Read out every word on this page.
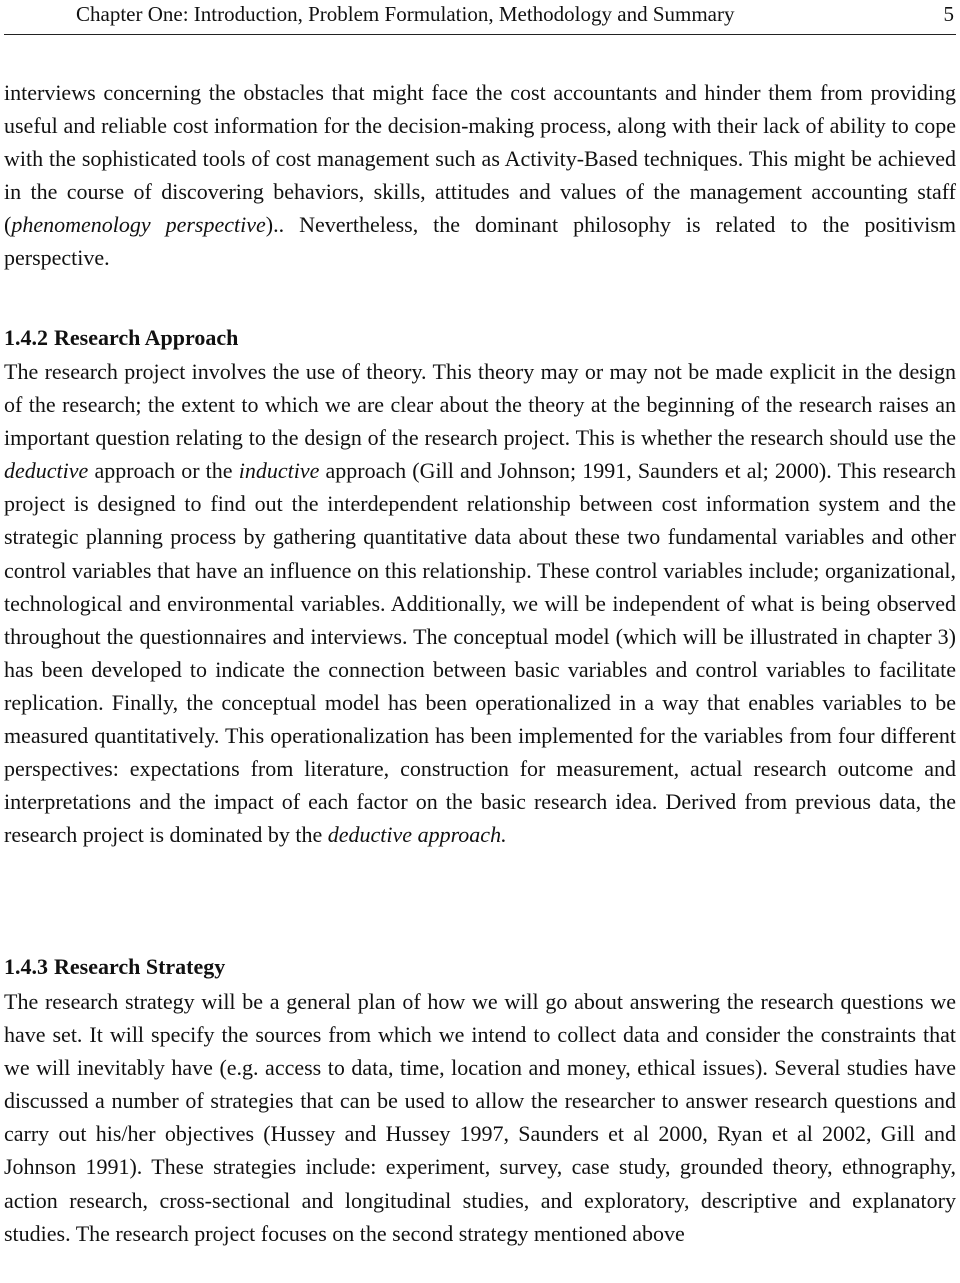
Chapter One: Introduction, Problem Formulation, Methodology and Summary	5

interviews concerning the obstacles that might face the cost accountants and hinder them from providing useful and reliable cost information for the decision-making process, along with their lack of ability to cope with the sophisticated tools of cost management such as Activity-Based techniques. This might be achieved in the course of discovering behaviors, skills, attitudes and values of the management accounting staff (phenomenology perspective).. Nevertheless, the dominant philosophy is related to the positivism perspective.

1.4.2 Research Approach

The research project involves the use of theory. This theory may or may not be made explicit in the design of the research; the extent to which we are clear about the theory at the beginning of the research raises an important question relating to the design of the research project. This is whether the research should use the deductive approach or the inductive approach (Gill and Johnson; 1991, Saunders et al; 2000). This research project is designed to find out the interdependent relationship between cost information system and the strategic planning process by gathering quantitative data about these two fundamental variables and other control variables that have an influence on this relationship. These control variables include; organizational, technological and environmental variables. Additionally, we will be independent of what is being observed throughout the questionnaires and interviews. The conceptual model (which will be illustrated in chapter 3) has been developed to indicate the connection between basic variables and control variables to facilitate replication. Finally, the conceptual model has been operationalized in a way that enables variables to be measured quantitatively. This operationalization has been implemented for the variables from four different perspectives: expectations from literature, construction for measurement, actual research outcome and interpretations and the impact of each factor on the basic research idea. Derived from previous data, the research project is dominated by the deductive approach.

1.4.3 Research Strategy

The research strategy will be a general plan of how we will go about answering the research questions we have set. It will specify the sources from which we intend to collect data and consider the constraints that we will inevitably have (e.g. access to data, time, location and money, ethical issues). Several studies have discussed a number of strategies that can be used to allow the researcher to answer research questions and carry out his/her objectives (Hussey and Hussey 1997, Saunders et al 2000, Ryan et al 2002, Gill and Johnson 1991). These strategies include: experiment, survey, case study, grounded theory, ethnography, action research, cross-sectional and longitudinal studies, and exploratory, descriptive and explanatory studies. The research project focuses on the second strategy mentioned above
